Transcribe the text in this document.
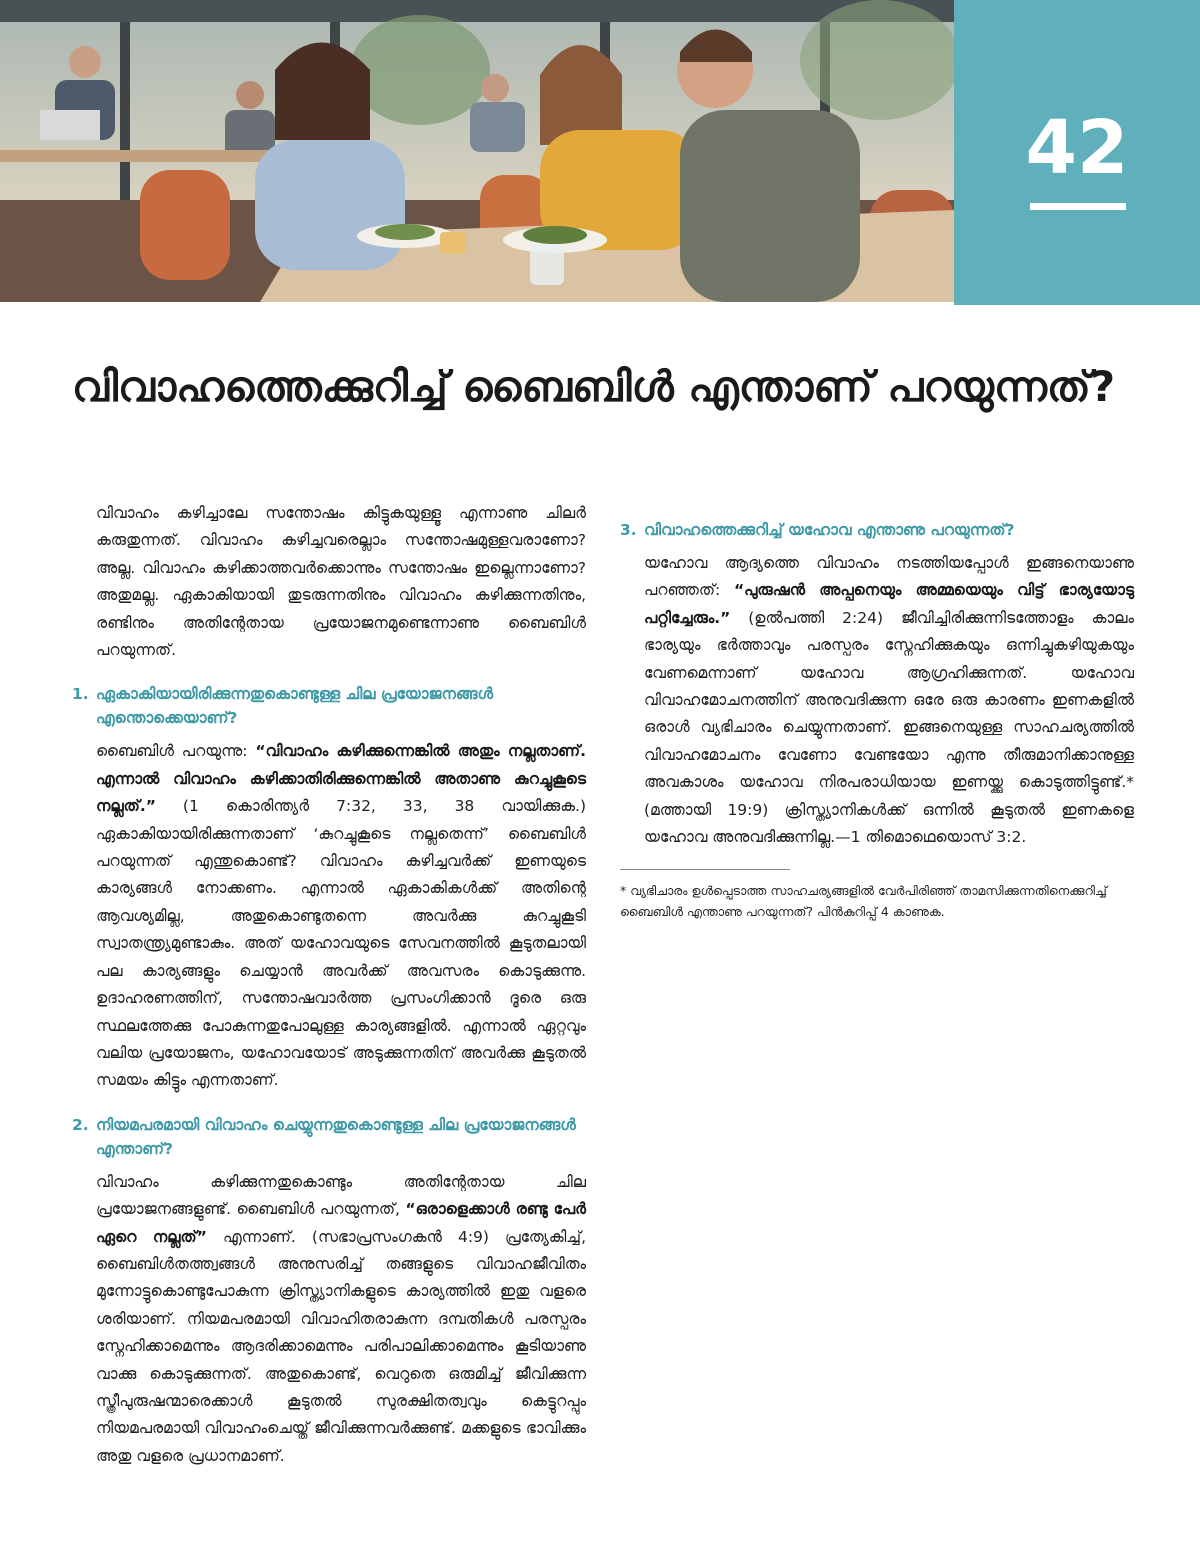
42
വിവാഹത്തെക്കുറിച്ച് ബൈബിൾ എന്താണ് പറയുന്നത്?

വിവാഹം കഴിച്ചാലേ സന്തോഷം കിട്ടുകയുള്ളൂ എന്നാണു ചിലർ കരുതുന്നത്. വിവാഹം കഴിച്ചവരെല്ലാം സന്തോഷമുള്ളവരാണോ? അല്ല. വിവാഹം കഴിക്കാത്തവർക്കൊന്നും സന്തോഷം ഇല്ലെന്നാണോ? അതുമല്ല. ഏകാകിയായി തുടരുന്നതിനും വിവാഹം കഴിക്കുന്നതിനും, രണ്ടിനും അതിന്റേതായ പ്രയോജനമുണ്ടെന്നാണു ബൈബിൾ പറയുന്നത്.

1. ഏകാകിയായിരിക്കുന്നതുകൊണ്ടുള്ള ചില പ്രയോജനങ്ങൾ എന്തൊക്കെയാണ്?

ബൈബിൾ പറയുന്നു: “വിവാഹം കഴിക്കുന്നെങ്കിൽ അതും നല്ലതാണ്. എന്നാൽ വിവാഹം കഴിക്കാതിരിക്കുന്നെങ്കിൽ അതാണു കുറച്ചുകൂടെ നല്ലത്.” (1 കൊരിന്ത്യർ 7:32, 33, 38 വായിക്കുക.) ഏകാകിയായിരിക്കുന്നതാണ് ‘കുറച്ചുകൂടെ നല്ലതെന്ന്’ ബൈബിൾ പറയുന്നത് എന്തുകൊണ്ട്? വിവാഹം കഴിച്ചവർക്ക് ഇണയുടെ കാര്യങ്ങൾ നോക്കണം. എന്നാൽ ഏകാകികൾക്ക് അതിന്റെ ആവശ്യമില്ല, അതുകൊണ്ടുതന്നെ അവർക്കു കുറച്ചുകൂടി സ്വാതന്ത്ര്യമുണ്ടാകും. അത് യഹോവയുടെ സേവനത്തിൽ കൂടുതലായി പല കാര്യങ്ങളും ചെയ്യാൻ അവർക്ക് അവസരം കൊടുക്കുന്നു. ഉദാഹരണത്തിന്, സന്തോഷവാർത്ത പ്രസംഗിക്കാൻ ദൂരെ ഒരു സ്ഥലത്തേക്കു പോകുന്നതുപോലുള്ള കാര്യങ്ങളിൽ. എന്നാൽ ഏറ്റവും വലിയ പ്രയോജനം, യഹോവയോട് അടുക്കുന്നതിന് അവർക്കു കൂടുതൽ സമയം കിട്ടും എന്നതാണ്.

2. നിയമപരമായി വിവാഹം ചെയ്യുന്നതുകൊണ്ടുള്ള ചില പ്രയോജനങ്ങൾ എന്താണ്?

വിവാഹം കഴിക്കുന്നതുകൊണ്ടും അതിന്റേതായ ചില പ്രയോജനങ്ങളുണ്ട്. ബൈബിൾ പറയുന്നത്, “ഒരാളെക്കാൾ രണ്ടു പേർ ഏറെ നല്ലത്” എന്നാണ്. (സഭാപ്രസംഗകൻ 4:9) പ്രത്യേകിച്ച്, ബൈബിൾതത്ത്വങ്ങൾ അനുസരിച്ച് തങ്ങളുടെ വിവാഹജീവിതം മുന്നോട്ടുകൊണ്ടുപോകുന്ന ക്രിസ്ത്യാനികളുടെ കാര്യത്തിൽ ഇതു വളരെ ശരിയാണ്. നിയമപരമായി വിവാഹിതരാകുന്ന ദമ്പതികൾ പരസ്പരം സ്നേഹിക്കാമെന്നും ആദരിക്കാമെന്നും പരിപാലിക്കാമെന്നും കൂടിയാണു വാക്കു കൊടുക്കുന്നത്. അതുകൊണ്ട്, വെറുതെ ഒരുമിച്ച് ജീവിക്കുന്ന സ്ത്രീപുരുഷന്മാരെക്കാൾ കൂടുതൽ സുരക്ഷിതത്വവും കെട്ടുറപ്പും നിയമപരമായി വിവാഹംചെയ്ത് ജീവിക്കുന്നവർക്കുണ്ട്. മക്കളുടെ ഭാവിക്കും അതു വളരെ പ്രധാനമാണ്.

3. വിവാഹത്തെക്കുറിച്ച് യഹോവ എന്താണു പറയുന്നത്?

യഹോവ ആദ്യത്തെ വിവാഹം നടത്തിയപ്പോൾ ഇങ്ങനെയാണു പറഞ്ഞത്: “പുരുഷൻ അപ്പനെയും അമ്മയെയും വിട്ട് ഭാര്യയോടു പറ്റിച്ചേരും.” (ഉൽപത്തി 2:24) ജീവിച്ചിരിക്കുന്നിടത്തോളം കാലം ഭാര്യയും ഭർത്താവും പരസ്പരം സ്നേഹിക്കുകയും ഒന്നിച്ചുകഴിയുകയും വേണമെന്നാണ് യഹോവ ആഗ്രഹിക്കുന്നത്. യഹോവ വിവാഹമോചനത്തിന് അനുവദിക്കുന്ന ഒരേ ഒരു കാരണം ഇണകളിൽ ഒരാൾ വ്യഭിചാരം ചെയ്യുന്നതാണ്. ഇങ്ങനെയുള്ള സാഹചര്യത്തിൽ വിവാഹമോചനം വേണോ വേണ്ടയോ എന്നു തീരുമാനിക്കാനുള്ള അവകാശം യഹോവ നിരപരാധിയായ ഇണയ്ക്കു കൊടുത്തിട്ടുണ്ട്.* (മത്തായി 19:9) ക്രിസ്ത്യാനികൾക്ക് ഒന്നിൽ കൂടുതൽ ഇണകളെ യഹോവ അനുവദിക്കുന്നില്ല.—1 തിമൊഥെയൊസ് 3:2.

* വ്യഭിചാരം ഉൾപ്പെടാത്ത സാഹചര്യങ്ങളിൽ വേർപിരിഞ്ഞ് താമസിക്കുന്നതിനെക്കുറിച്ച് ബൈബിൾ എന്താണു പറയുന്നത്? പിൻകുറിപ്പ് 4 കാണുക.
